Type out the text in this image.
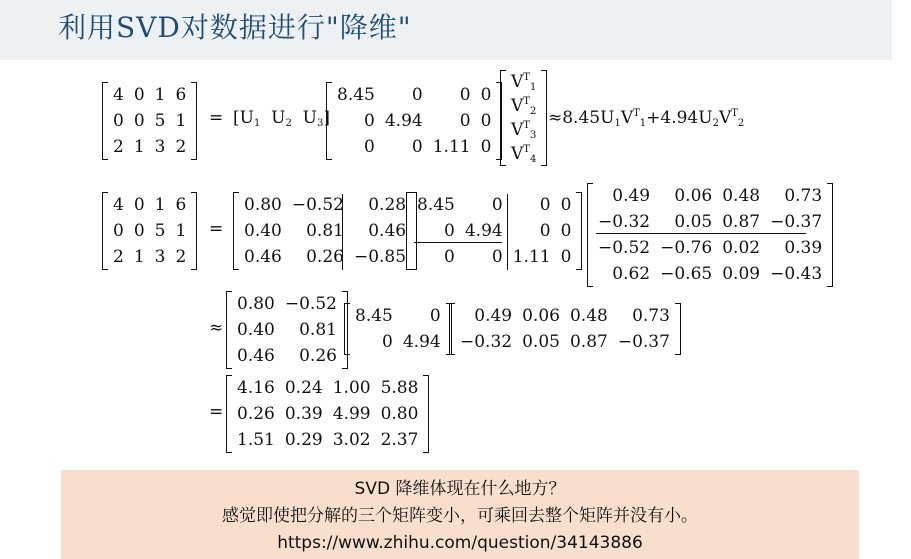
利用SVD对数据进行"降维"
4	0	1	6
0	0	5	1
2	1	3	2
= [$U_1$ $U_2$ $U_3$]
8.45	0	0	0
0	4.94	0	0
0	0	1.11	0
$V^T_1$
$V^T_2$
$V^T_3$
$V^T_4$
$\approx 8.45U_1V^T_1+4.94U_2V^T_2$
4	0	1	6
0	0	5	1
2	1	3	2
=
0.80	−0.52	0.28
0.40	0.81	0.46
0.46	0.26	−0.85
8.45	0	0	0
0	4.94	0	0
0	0	1.11	0
0.49	0.06	0.48	0.73
−0.32	0.05	0.87	−0.37
−0.52	−0.76	0.02	0.39
0.62	−0.65	0.09	−0.43
≈
0.80	−0.52
0.40	0.81
0.46	0.26
8.45	0
0	4.94
0.49	0.06	0.48	0.73
−0.32	0.05	0.87	−0.37
=
4.16	0.24	1.00	5.88
0.26	0.39	4.99	0.80
1.51	0.29	3.02	2.37
SVD 降维体现在什么地方？
感觉即使把分解的三个矩阵变小，可乘回去整个矩阵并没有小。
https://www.zhihu.com/question/34143886
